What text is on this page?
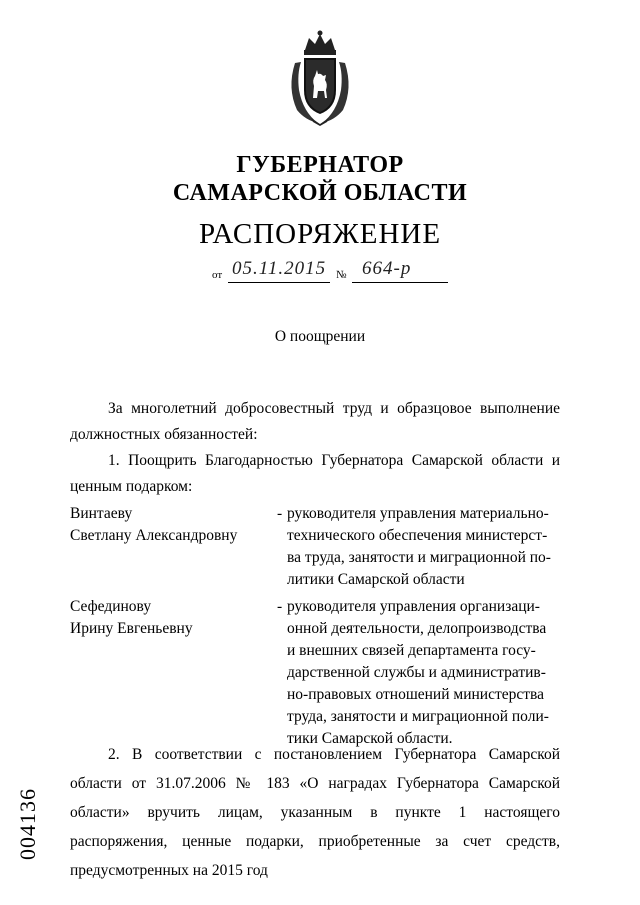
ГУБЕРНАТОР
САМАРСКОЙ ОБЛАСТИ
РАСПОРЯЖЕНИЕ
от 05.11.2015 № 664-р
О поощрении
За многолетний добросовестный труд и образцовое выполнение должностных обязанностей:
1. Поощрить Благодарностью Губернатора Самарской области и ценным подарком:
Винтаеву
Светлану Александровну
- руководителя управления материально-
технического обеспечения министерст-
ва труда, занятости и миграционной по-
литики Самарской области
Сефединову
Ирину Евгеньевну
- руководителя управления организаци-
онной деятельности, делопроизводства
и внешних связей департамента госу-
дарственной службы и административ-
но-правовых отношений министерства
труда, занятости и миграционной поли-
тики Самарской области.
2. В соответствии с постановлением Губернатора Самарской области от 31.07.2006 № 183 «О наградах Губернатора Самарской области» вручить лицам, указанным в пункте 1 настоящего распоряжения, ценные подарки, приобретенные за счет средств, предусмотренных на 2015 год
004136
